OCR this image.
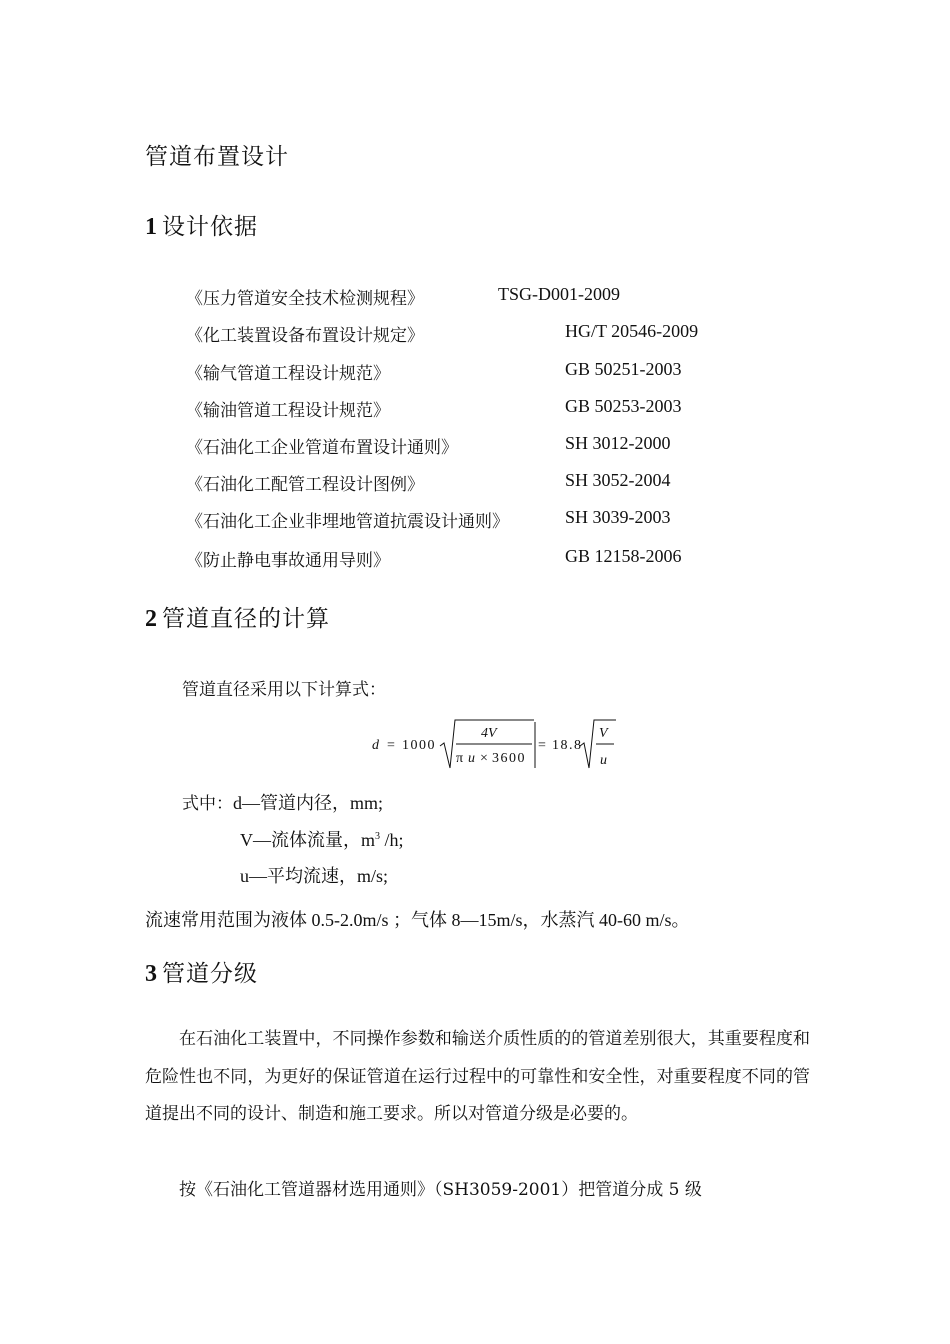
管道布置设计
1 设计依据
《压力管道安全技术检测规程》	TSG-D001-2009
《化工装置设备布置设计规定》	HG/T 20546-2009
《输气管道工程设计规范》	GB 50251-2003
《输油管道工程设计规范》	GB 50253-2003
《石油化工企业管道布置设计通则》	SH 3012-2000
《石油化工配管工程设计图例》	SH 3052-2004
《石油化工企业非埋地管道抗震设计通则》	SH 3039-2003
《防止静电事故通用导则》	GB 12158-2006
2 管道直径的计算
管道直径采用以下计算式：
d = 1000
4V
π u × 3600
= 18.8
V
u
式中：d—管道内径，mm;
V—流体流量，$m^3$ /h;
u—平均流速，m/s;
流速常用范围为液体 0.5-2.0m/s ；气体 8—15m/s，水蒸汽 40-60 m/s。
3 管道分级
在石油化工装置中，不同操作参数和输送介质性质的的管道差别很大，其重要程度和危险性也不同，为更好的保证管道在运行过程中的可靠性和安全性，对重要程度不同的管道提出不同的设计、制造和施工要求。所以对管道分级是必要的。
按《石油化工管道器材选用通则》（SH3059-2001）把管道分成 5 级
